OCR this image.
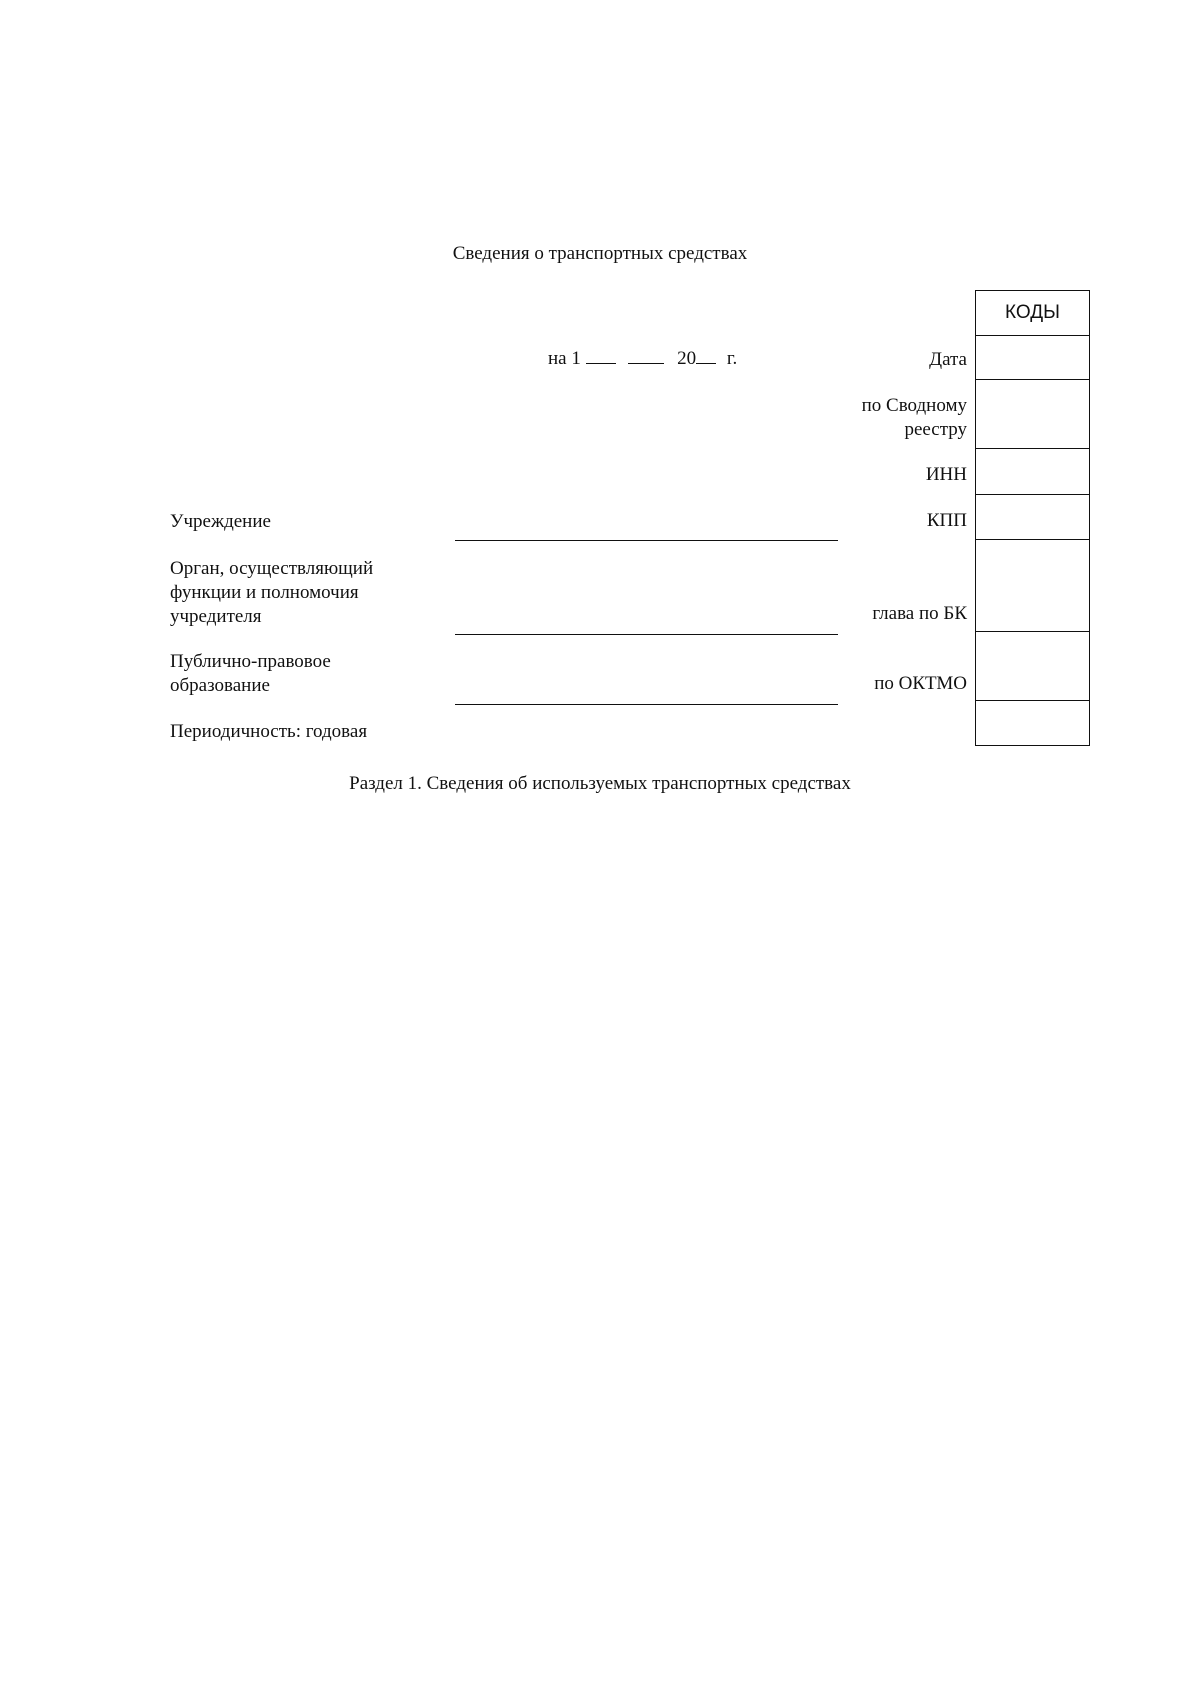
Сведения о транспортных средствах
на 1	20 г.
КОДЫ
Дата
по Сводному
реестру
ИНН
КПП
глава по БК
по ОКТМО
Учреждение
Орган, осуществляющий
функции и полномочия
учредителя
Публично-правовое
образование
Периодичность: годовая
Раздел 1. Сведения об используемых транспортных средствах
